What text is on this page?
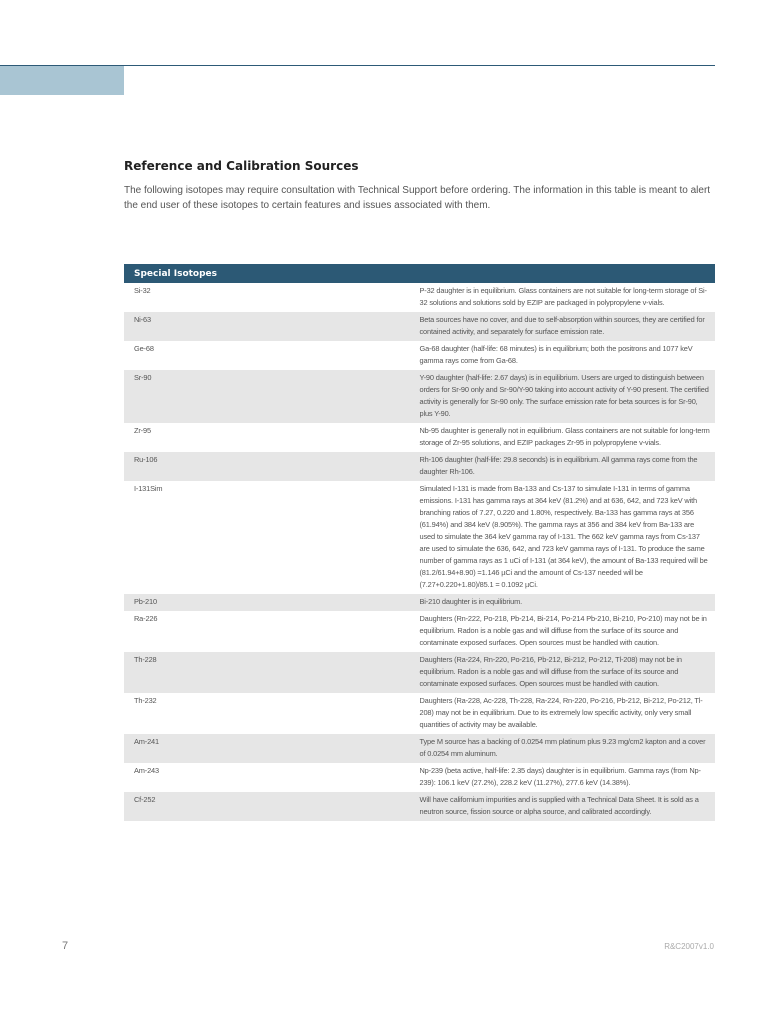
Reference and Calibration Sources

The following isotopes may require consultation with Technical Support before ordering. The information in this table is meant to alert the end user of these isotopes to certain features and issues associated with them.

Special Isotopes	
Si-32	P-32 daughter is in equilibrium. Glass containers are not suitable for long-term storage of Si-32 solutions and solutions sold by EZIP are packaged in polypropylene v-vials.
Ni-63	Beta sources have no cover, and due to self-absorption within sources, they are certified for contained activity, and separately for surface emission rate.
Ge-68	Ga-68 daughter (half-life: 68 minutes) is in equilibrium; both the positrons and 1077 keV gamma rays come from Ga-68.
Sr-90	Y-90 daughter (half-life: 2.67 days) is in equilibrium. Users are urged to distinguish between orders for Sr-90 only and Sr-90/Y-90 taking into account activity of Y-90 present. The certified activity is generally for Sr-90 only. The surface emission rate for beta sources is for Sr-90, plus Y-90.
Zr-95	Nb-95 daughter is generally not in equilibrium. Glass containers are not suitable for long-term storage of Zr-95 solutions, and EZIP packages Zr-95 in polypropylene v-vials.
Ru-106	Rh-106 daughter (half-life: 29.8 seconds) is in equilibrium. All gamma rays come from the daughter Rh-106.
I-131Sim	Simulated I-131 is made from Ba-133 and Cs-137 to simulate I-131 in terms of gamma emissions. I-131 has gamma rays at 364 keV (81.2%) and at 636, 642, and 723 keV with branching ratios of 7.27, 0.220 and 1.80%, respectively. Ba-133 has gamma rays at 356 (61.94%) and 384 keV (8.905%). The gamma rays at 356 and 384 keV from Ba-133 are used to simulate the 364 keV gamma ray of I-131. The 662 keV gamma rays from Cs-137 are used to simulate the 636, 642, and 723 keV gamma rays of I-131. To produce the same number of gamma rays as 1 uCi of I-131 (at 364 keV), the amount of Ba-133 required will be (81.2/61.94+8.90) =1.146 µCi and the amount of Cs-137 needed will be (7.27+0.220+1.80)/85.1 = 0.1092 µCi.
Pb-210	Bi-210 daughter is in equilibrium.
Ra-226	Daughters (Rn-222, Po-218, Pb-214, Bi-214, Po-214 Pb-210, Bi-210, Po-210) may not be in equilibrium. Radon is a noble gas and will diffuse from the surface of its source and contaminate exposed surfaces. Open sources must be handled with caution.
Th-228	Daughters (Ra-224, Rn-220, Po-216, Pb-212, Bi-212, Po-212, Tl-208) may not be in equilibrium. Radon is a noble gas and will diffuse from the surface of its source and contaminate exposed surfaces. Open sources must be handled with caution.
Th-232	Daughters (Ra-228, Ac-228, Th-228, Ra-224, Rn-220, Po-216, Pb-212, Bi-212, Po-212, Tl-208) may not be in equilibrium. Due to its extremely low specific activity, only very small quantities of activity may be available.
Am-241	Type M source has a backing of 0.0254 mm platinum plus 9.23 mg/cm2 kapton and a cover of 0.0254 mm aluminum.
Am-243	Np-239 (beta active, half-life: 2.35 days) daughter is in equilibrium. Gamma rays (from Np-239): 106.1 keV (27.2%), 228.2 keV (11.27%), 277.6 keV (14.38%).
Cf-252	Will have californium impurities and is supplied with a Technical Data Sheet. It is sold as a neutron source, fission source or alpha source, and calibrated accordingly.
7	R&C2007v1.0
